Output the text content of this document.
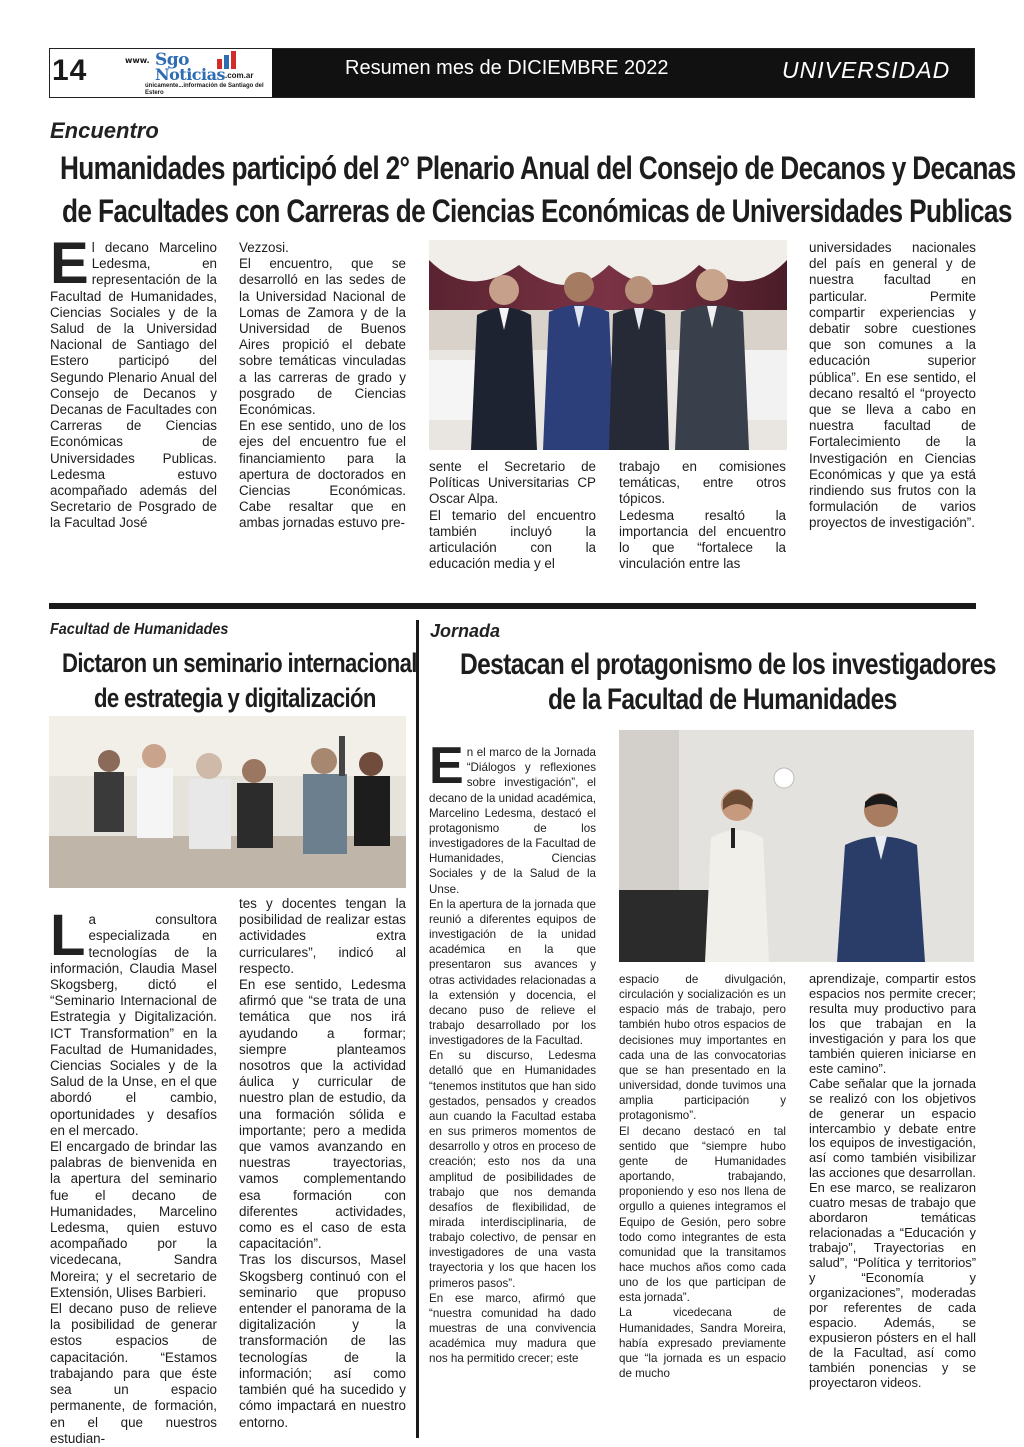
14	www. Sgo
Noticias .com.ar
únicamente...información de Santiago del Estero
Resumen mes de DICIEMBRE 2022	UNIVERSIDAD
Encuentro
Humanidades participó del 2° Plenario Anual del Consejo de Decanos y Decanas
de Facultades con Carreras de Ciencias Económicas de Universidades Publicas
El decano Marcelino Ledesma, en representación de la Facultad de Humanidades, Ciencias Sociales y de la Salud de la Universidad Nacional de Santiago del Estero participó del Segundo Plenario Anual del Consejo de Decanos y Decanas de Facultades con Carreras de Ciencias Económicas de Universidades Publicas. Ledesma estuvo acompañado además del Secretario de Posgrado de la Facultad José
Vezzosi.
El encuentro, que se desarrolló en las sedes de la Universidad Nacional de Lomas de Zamora y de la Universidad de Buenos Aires propició el debate sobre temáticas vinculadas a las carreras de grado y posgrado de Ciencias Económicas.
En ese sentido, uno de los ejes del encuentro fue el financiamiento para la apertura de doctorados en Ciencias Económicas. Cabe resaltar que en ambas jornadas estuvo pre-
sente el Secretario de Políticas Universitarias CP Oscar Alpa.
El temario del encuentro también incluyó la articulación con la educación media y el
trabajo en comisiones temáticas, entre otros tópicos.
Ledesma resaltó la importancia del encuentro lo que “fortalece la vinculación entre las
universidades nacionales del país en general y de nuestra facultad en particular. Permite compartir experiencias y debatir sobre cuestiones que son comunes a la educación superior pública”. En ese sentido, el decano resaltó el “proyecto que se lleva a cabo en nuestra facultad de Fortalecimiento de la Investigación en Ciencias Económicas y que ya está rindiendo sus frutos con la formulación de varios proyectos de investigación”.
Facultad de Humanidades
Dictaron un seminario internacional
de estrategia y digitalización

La consultora especializada en tecnologías de la información, Claudia Masel Skogsberg, dictó el “Seminario Internacional de Estrategia y Digitalización. ICT Transformation” en la Facultad de Humanidades, Ciencias Sociales y de la Salud de la Unse, en el que abordó el cambio, oportunidades y desafíos en el mercado.
El encargado de brindar las palabras de bienvenida en la apertura del seminario fue el decano de Humanidades, Marcelino Ledesma, quien estuvo acompañado por la vicedecana, Sandra Moreira; y el secretario de Extensión, Ulises Barbieri.
El decano puso de relieve la posibilidad de generar estos espacios de capacitación. “Estamos trabajando para que éste sea un espacio permanente, de formación, en el que nuestros estudian-

tes y docentes tengan la posibilidad de realizar estas actividades extra curriculares”, indicó al respecto.
En ese sentido, Ledesma afirmó que “se trata de una temática que nos irá ayudando a formar; siempre planteamos nosotros que la actividad áulica y curricular de nuestro plan de estudio, da una formación sólida e importante; pero a medida que vamos avanzando en nuestras trayectorias, vamos complementando esa formación con diferentes actividades, como es el caso de esta capacitación”.
Tras los discursos, Masel Skogsberg continuó con el seminario que propuso entender el panorama de la digitalización y la transformación de las tecnologías de la información; así como también qué ha sucedido y cómo impactará en nuestro entorno.
Jornada
Destacan el protagonismo de los investigadores
de la Facultad de Humanidades

En el marco de la Jornada “Diálogos y reflexiones sobre investigación”, el decano de la unidad académica, Marcelino Ledesma, destacó el protagonismo de los investigadores de la Facultad de Humanidades, Ciencias Sociales y de la Salud de la Unse.
En la apertura de la jornada que reunió a diferentes equipos de investigación de la unidad académica en la que presentaron sus avances y otras actividades relacionadas a la extensión y docencia, el decano puso de relieve el trabajo desarrollado por los investigadores de la Facultad.
En su discurso, Ledesma detalló que en Humanidades “tenemos institutos que han sido gestados, pensados y creados aun cuando la Facultad estaba en sus primeros momentos de desarrollo y otros en proceso de creación; esto nos da una amplitud de posibilidades de trabajo que nos demanda desafíos de flexibilidad, de mirada interdisciplinaria, de trabajo colectivo, de pensar en investigadores de una vasta trayectoria y los que hacen los primeros pasos”.
En ese marco, afirmó que “nuestra comunidad ha dado muestras de una convivencia académica muy madura que nos ha permitido crecer; este

espacio de divulgación, circulación y socialización es un espacio más de trabajo, pero también hubo otros espacios de decisiones muy importantes en cada una de las convocatorias que se han presentado en la universidad, donde tuvimos una amplia participación y protagonismo”.
El decano destacó en tal sentido que “siempre hubo gente de Humanidades aportando, trabajando, proponiendo y eso nos llena de orgullo a quienes integramos el Equipo de Gesión, pero sobre todo como integrantes de esta comunidad que la transitamos hace muchos años como cada uno de los que participan de esta jornada”.
La vicedecana de Humanidades, Sandra Moreira, había expresado previamente que “la jornada es un espacio de mucho
aprendizaje, compartir estos espacios nos permite crecer; resulta muy productivo para los que trabajan en la investigación y para los que también quieren iniciarse en este camino”.
Cabe señalar que la jornada se realizó con los objetivos de generar un espacio intercambio y debate entre los equipos de investigación, así como también visibilizar las acciones que desarrollan.
En ese marco, se realizaron cuatro mesas de trabajo que abordaron temáticas relacionadas a “Educación y trabajo”, Trayectorias en salud”, “Política y territorios” y “Economía y organizaciones”, moderadas por referentes de cada espacio. Además, se expusieron pósters en el hall de la Facultad, así como también ponencias y se proyectaron videos.
